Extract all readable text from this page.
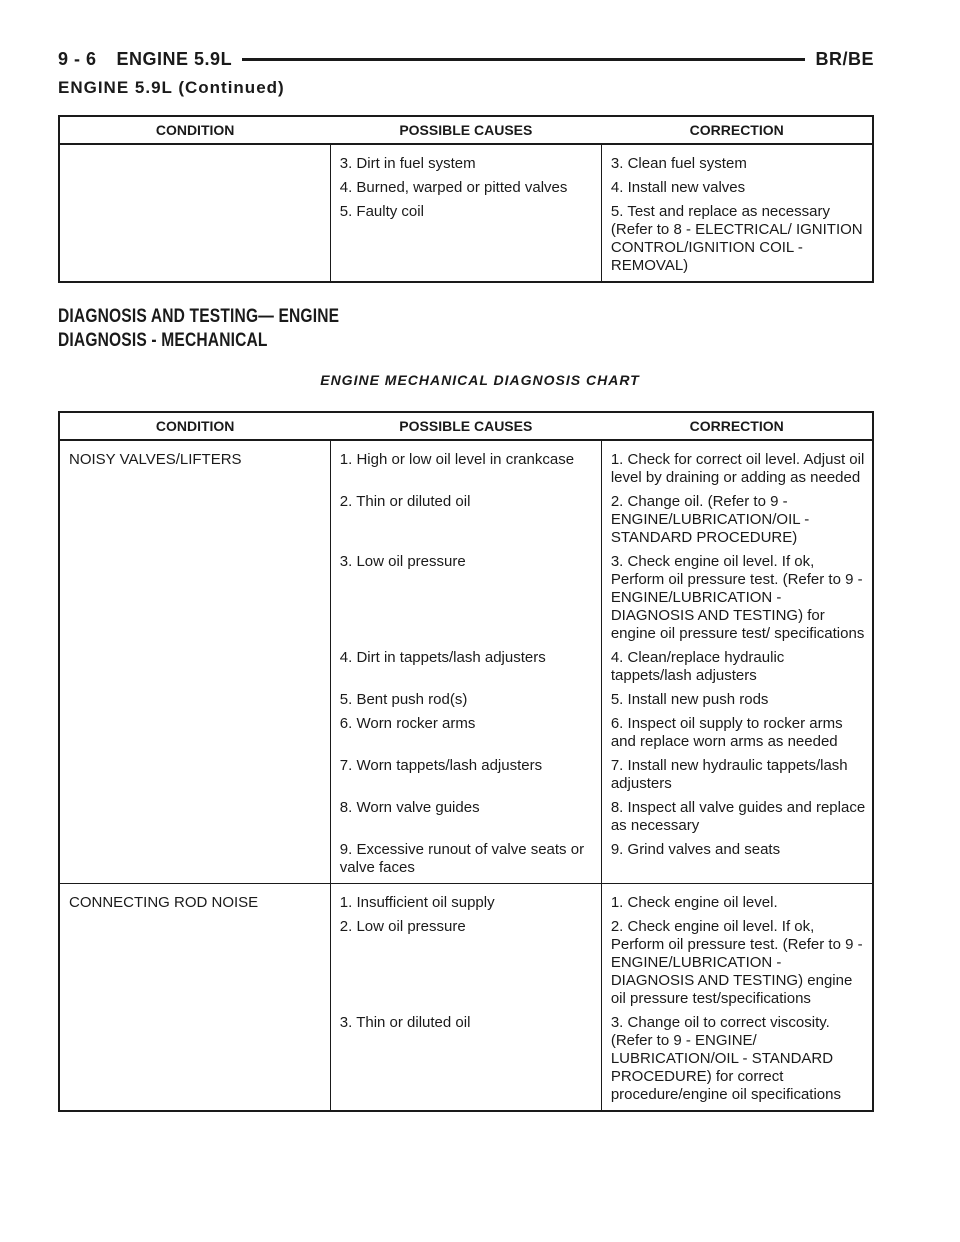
9 - 6 ENGINE 5.9L	BR/BE
ENGINE 5.9L (Continued)
CONDITION	POSSIBLE CAUSES	CORRECTION
	3. Dirt in fuel system	3. Clean fuel system
	4. Burned, warped or pitted valves	4. Install new valves
	5. Faulty coil	5. Test and replace as necessary (Refer to 8 - ELECTRICAL/ IGNITION CONTROL/IGNITION COIL - REMOVAL)
DIAGNOSIS AND TESTING— ENGINE
DIAGNOSIS - MECHANICAL
ENGINE MECHANICAL DIAGNOSIS CHART
CONDITION	POSSIBLE CAUSES	CORRECTION
NOISY VALVES/LIFTERS	1. High or low oil level in crankcase	1. Check for correct oil level. Adjust oil level by draining or adding as needed
	2. Thin or diluted oil	2. Change oil. (Refer to 9 - ENGINE/LUBRICATION/OIL - STANDARD PROCEDURE)
	3. Low oil pressure	3. Check engine oil level. If ok, Perform oil pressure test. (Refer to 9 - ENGINE/LUBRICATION - DIAGNOSIS AND TESTING) for engine oil pressure test/ specifications
	4. Dirt in tappets/lash adjusters	4. Clean/replace hydraulic tappets/lash adjusters
	5. Bent push rod(s)	5. Install new push rods
	6. Worn rocker arms	6. Inspect oil supply to rocker arms and replace worn arms as needed
	7. Worn tappets/lash adjusters	7. Install new hydraulic tappets/lash adjusters
	8. Worn valve guides	8. Inspect all valve guides and replace as necessary
	9. Excessive runout of valve seats or valve faces	9. Grind valves and seats
CONNECTING ROD NOISE	1. Insufficient oil supply	1. Check engine oil level.
	2. Low oil pressure	2. Check engine oil level. If ok, Perform oil pressure test. (Refer to 9 - ENGINE/LUBRICATION - DIAGNOSIS AND TESTING) engine oil pressure test/specifications
	3. Thin or diluted oil	3. Change oil to correct viscosity. (Refer to 9 - ENGINE/ LUBRICATION/OIL - STANDARD PROCEDURE) for correct procedure/engine oil specifications
